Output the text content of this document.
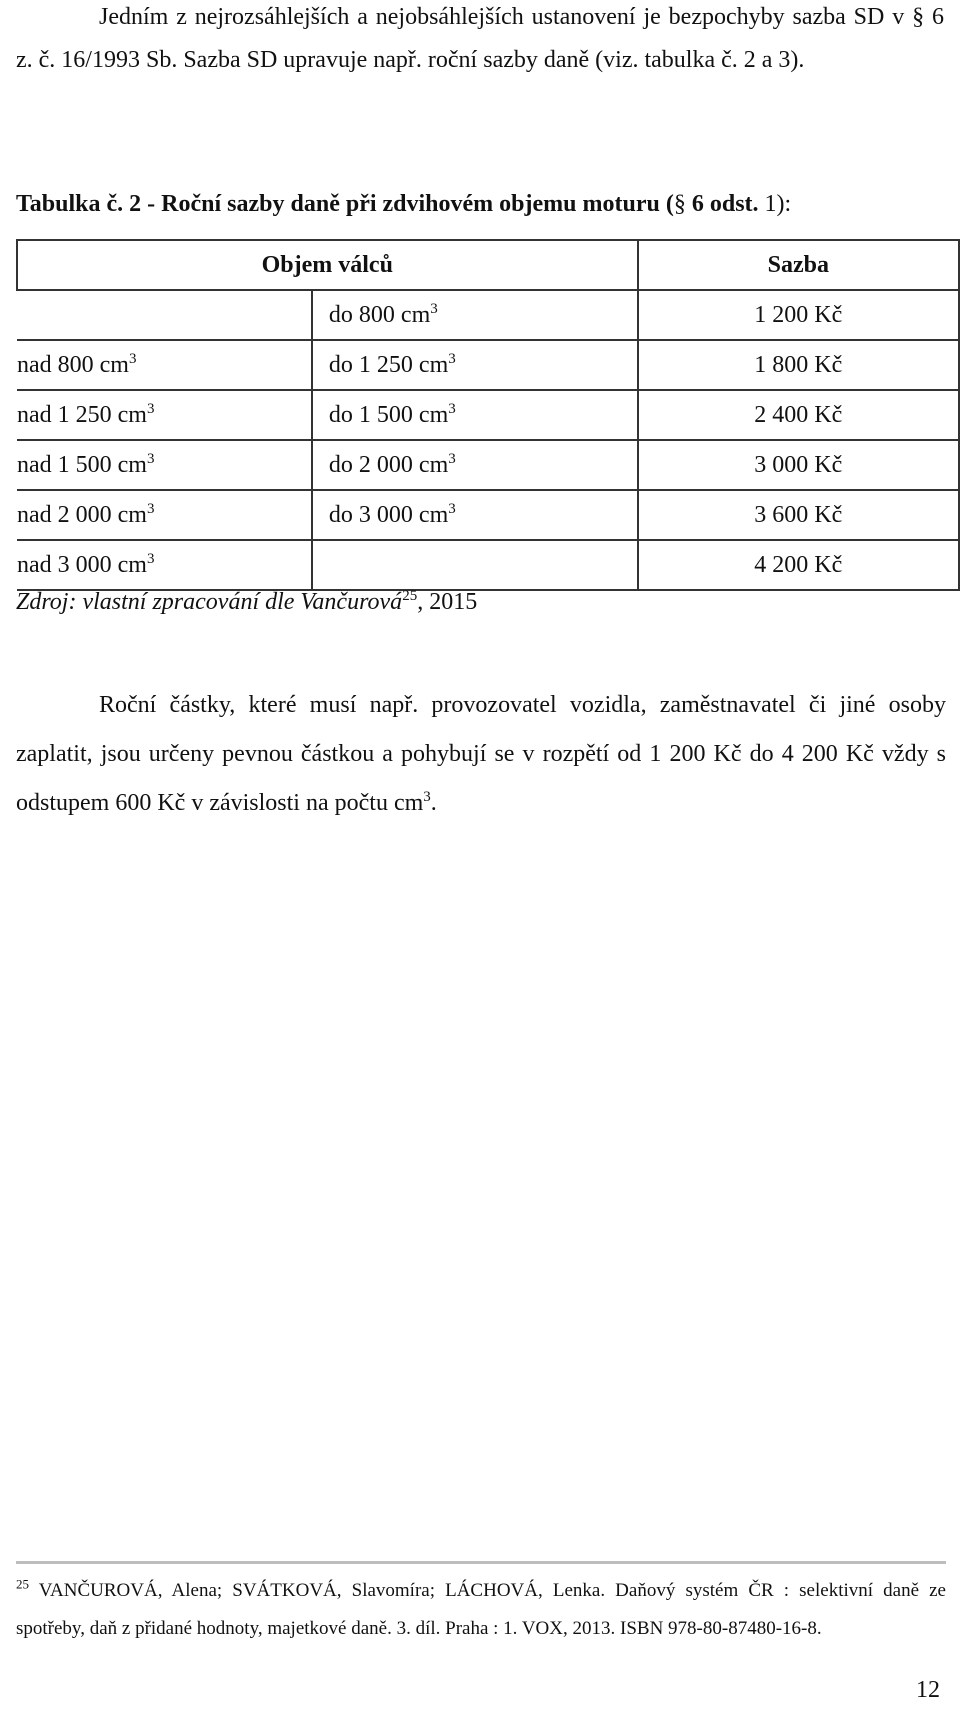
Jedním z nejrozsáhlejších a nejobsáhlejších ustanovení je bezpochyby sazba SD v § 6 z. č. 16/1993 Sb. Sazba SD upravuje např. roční sazby daně (viz. tabulka č. 2 a 3).

Tabulka č. 2 - Roční sazby daně při zdvihovém objemu moturu (§ 6 odst. 1):

Objem válců		Sazba
	do 800 $cm^3$	1 200 Kč
nad 800 $cm^3$	do 1 250 $cm^3$	1 800 Kč
nad 1 250 $cm^3$	do 1 500 $cm^3$	2 400 Kč
nad 1 500 $cm^3$	do 2 000 $cm^3$	3 000 Kč
nad 2 000 $cm^3$	do 3 000 $cm^3$	3 600 Kč
nad 3 000 $cm^3$		4 200 Kč

Zdroj: vlastní zpracování dle Vančurová$^{25}$, 2015

Roční částky, které musí např. provozovatel vozidla, zaměstnavatel či jiné osoby zaplatit, jsou určeny pevnou částkou a pohybují se v rozpětí od 1 200 Kč do 4 200 Kč vždy s odstupem 600 Kč v závislosti na počtu $cm^3$.

$^{25}$ VANČUROVÁ, Alena; SVÁTKOVÁ, Slavomíra; LÁCHOVÁ, Lenka. Daňový systém ČR : selektivní daně ze spotřeby, daň z přidané hodnoty, majetkové daně. 3. díl. Praha : 1. VOX, 2013. ISBN 978-80-87480-16-8.

12
